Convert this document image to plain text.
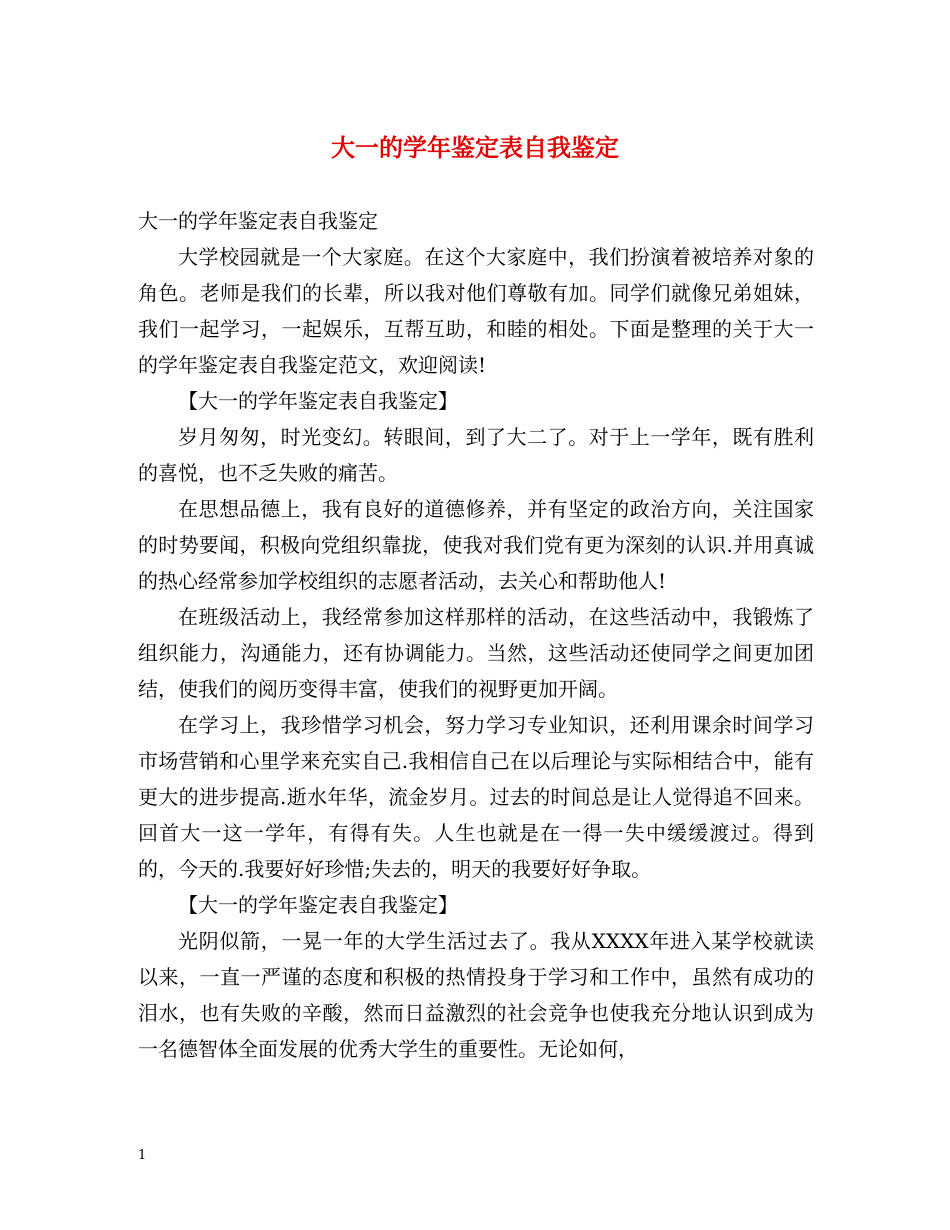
大一的学年鉴定表自我鉴定

大一的学年鉴定表自我鉴定

大学校园就是一个大家庭。在这个大家庭中，我们扮演着被培养对象的角色。老师是我们的长辈，所以我对他们尊敬有加。同学们就像兄弟姐妹，我们一起学习，一起娱乐，互帮互助，和睦的相处。下面是整理的关于大一的学年鉴定表自我鉴定范文，欢迎阅读!

【大一的学年鉴定表自我鉴定】

岁月匆匆，时光变幻。转眼间，到了大二了。对于上一学年，既有胜利的喜悦，也不乏失败的痛苦。

在思想品德上，我有良好的道德修养，并有坚定的政治方向，关注国家的时势要闻，积极向党组织靠拢，使我对我们党有更为深刻的认识.并用真诚的热心经常参加学校组织的志愿者活动，去关心和帮助他人!

在班级活动上，我经常参加这样那样的活动，在这些活动中，我锻炼了组织能力，沟通能力，还有协调能力。当然，这些活动还使同学之间更加团结，使我们的阅历变得丰富，使我们的视野更加开阔。

在学习上，我珍惜学习机会，努力学习专业知识，还利用课余时间学习市场营销和心里学来充实自己.我相信自己在以后理论与实际相结合中，能有更大的进步提高.逝水年华，流金岁月。过去的时间总是让人觉得追不回来。回首大一这一学年，有得有失。人生也就是在一得一失中缓缓渡过。得到的，今天的.我要好好珍惜;失去的，明天的我要好好争取。

【大一的学年鉴定表自我鉴定】

光阴似箭，一晃一年的大学生活过去了。我从XXXX年进入某学校就读以来，一直一严谨的态度和积极的热情投身于学习和工作中，虽然有成功的泪水，也有失败的辛酸，然而日益激烈的社会竞争也使我充分地认识到成为一名德智体全面发展的优秀大学生的重要性。无论如何，

1
